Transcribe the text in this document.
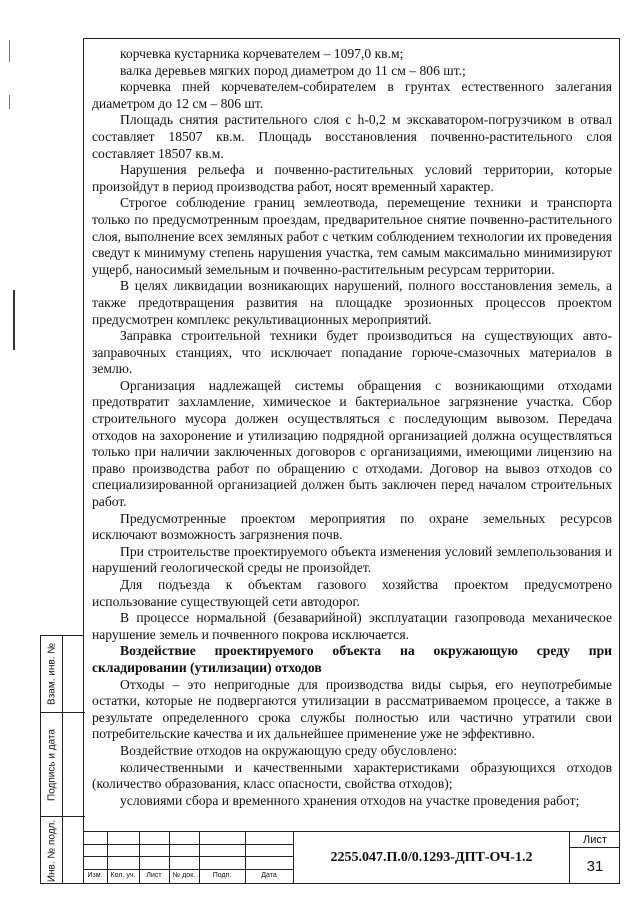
корчевка кустарника корчевателем – 1097,0 кв.м;

валка деревьев мягких пород диаметром до 11 см – 806 шт.;

корчевка пней корчевателем-собирателем в грунтах естественного залегания диаметром до 12 см – 806 шт.

Площадь снятия растительного слоя с h-0,2 м экскаватором-погрузчиком в отвал составляет 18507 кв.м. Площадь восстановления почвенно-растительного слоя составляет 18507 кв.м.

Нарушения рельефа и почвенно-растительных условий территории, которые произойдут в период производства работ, носят временный характер.

Строгое соблюдение границ землеотвода, перемещение техники и транспорта только по предусмотренным проездам, предварительное снятие почвенно-растительного слоя, выполнение всех земляных работ с четким соблюдением технологии их проведения сведут к минимуму степень нарушения участка, тем самым максимально минимизируют ущерб, наносимый земельным и почвенно-растительным ресурсам территории.

В целях ликвидации возникающих нарушений, полного восстановления земель, а также предотвращения развития на площадке эрозионных процессов проектом предусмотрен комплекс рекультивационных мероприятий.

Заправка строительной техники будет производиться на существующих авто-заправочных станциях, что исключает попадание горюче-смазочных материалов в землю.

Организация надлежащей системы обращения с возникающими отходами предотвратит захламление, химическое и бактериальное загрязнение участка. Сбор строительного мусора должен осуществляться с последующим вывозом. Передача отходов на захоронение и утилизацию подрядной организацией должна осуществляться только при наличии заключенных договоров с организациями, имеющими лицензию на право производства работ по обращению с отходами. Договор на вывоз отходов со специализированной организацией должен быть заключен перед началом строительных работ.

Предусмотренные проектом мероприятия по охране земельных ресурсов исключают возможность загрязнения почв.

При строительстве проектируемого объекта изменения условий землепользования и нарушений геологической среды не произойдет.

Для подъезда к объектам газового хозяйства проектом предусмотрено использование существующей сети автодорог.

В процессе нормальной (безаварийной) эксплуатации газопровода механическое нарушение земель и почвенного покрова исключается.

Воздействие проектируемого объекта на окружающую среду при складировании (утилизации) отходов

Отходы – это непригодные для производства виды сырья, его неупотребимые остатки, которые не подвергаются утилизации в рассматриваемом процессе, а также в результате определенного срока службы полностью или частично утратили свои потребительские качества и их дальнейшее применение уже не эффективно.

Воздействие отходов на окружающую среду обусловлено:

количественными и качественными характеристиками образующихся отходов (количество образования, класс опасности, свойства отходов);

условиями сбора и временного хранения отходов на участке проведения работ;

Взам. инв. №
Подпись и дата
Инв. № подл.	Изм.	Кол. уч.	Лист	№ док.	Подп.	Дата
2255.047.П.0/0.1293-ДПТ-ОЧ-1.2
Лист
31
